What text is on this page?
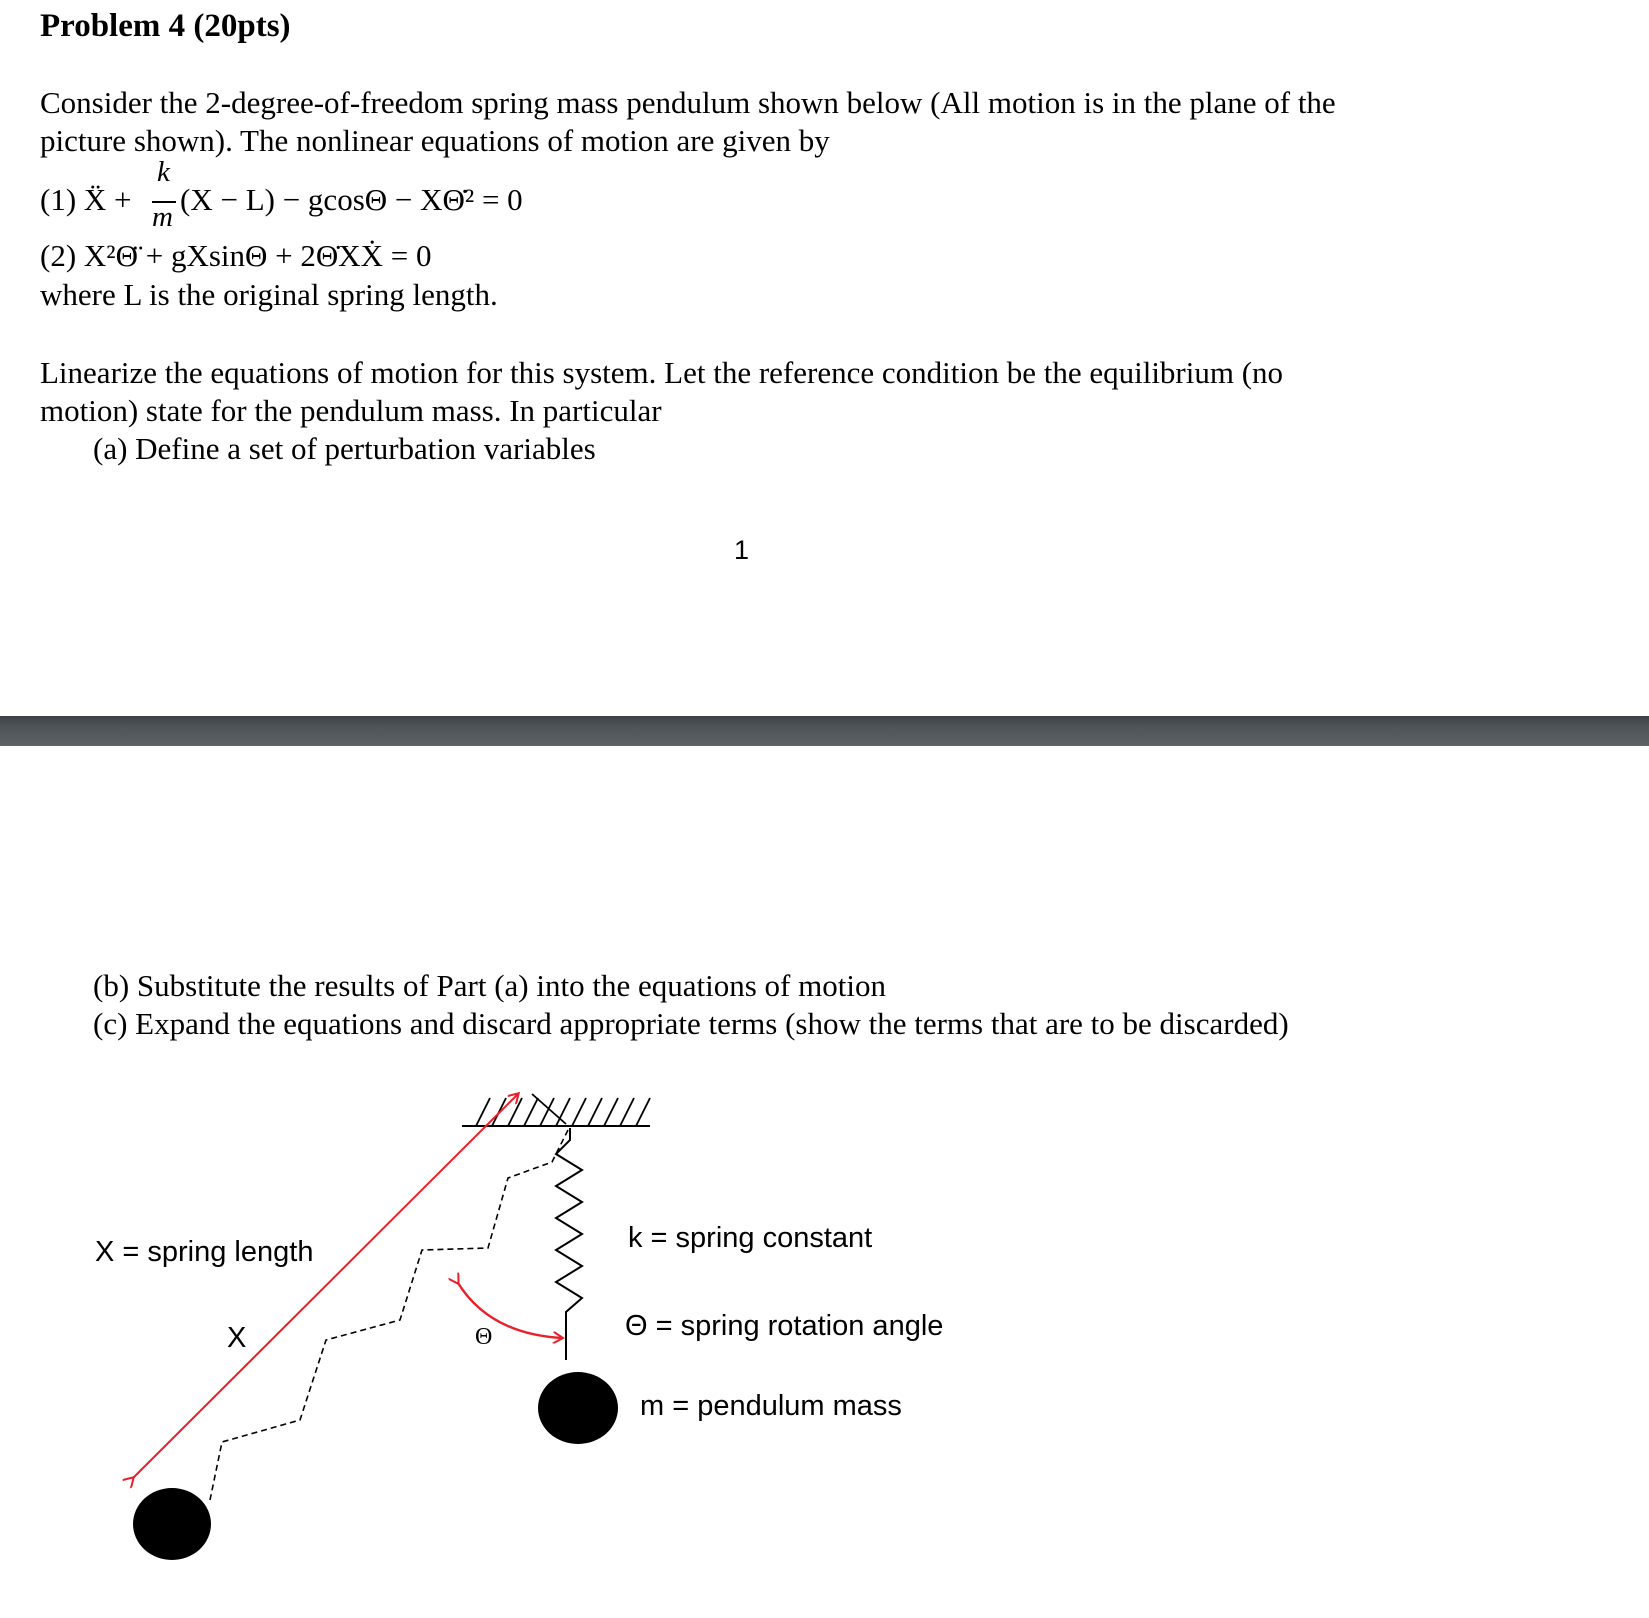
Problem 4 (20pts)
Consider the 2-degree-of-freedom spring mass pendulum shown below (All motion is in the plane of the
picture shown). The nonlinear equations of motion are given by
(1) Ẍ +
k
m (X − L) − gcosΘ − XΘ̇² = 0
(2) X²Θ̈ + gXsinΘ + 2Θ̇XẊ = 0
where L is the original spring length.
Linearize the equations of motion for this system. Let the reference condition be the equilibrium (no
motion) state for the pendulum mass. In particular
(a) Define a set of perturbation variables
1
(b) Substitute the results of Part (a) into the equations of motion
(c) Expand the equations and discard appropriate terms (show the terms that are to be discarded)
X = spring length
X	Θ
k = spring constant
Θ = spring rotation angle
m = pendulum mass
